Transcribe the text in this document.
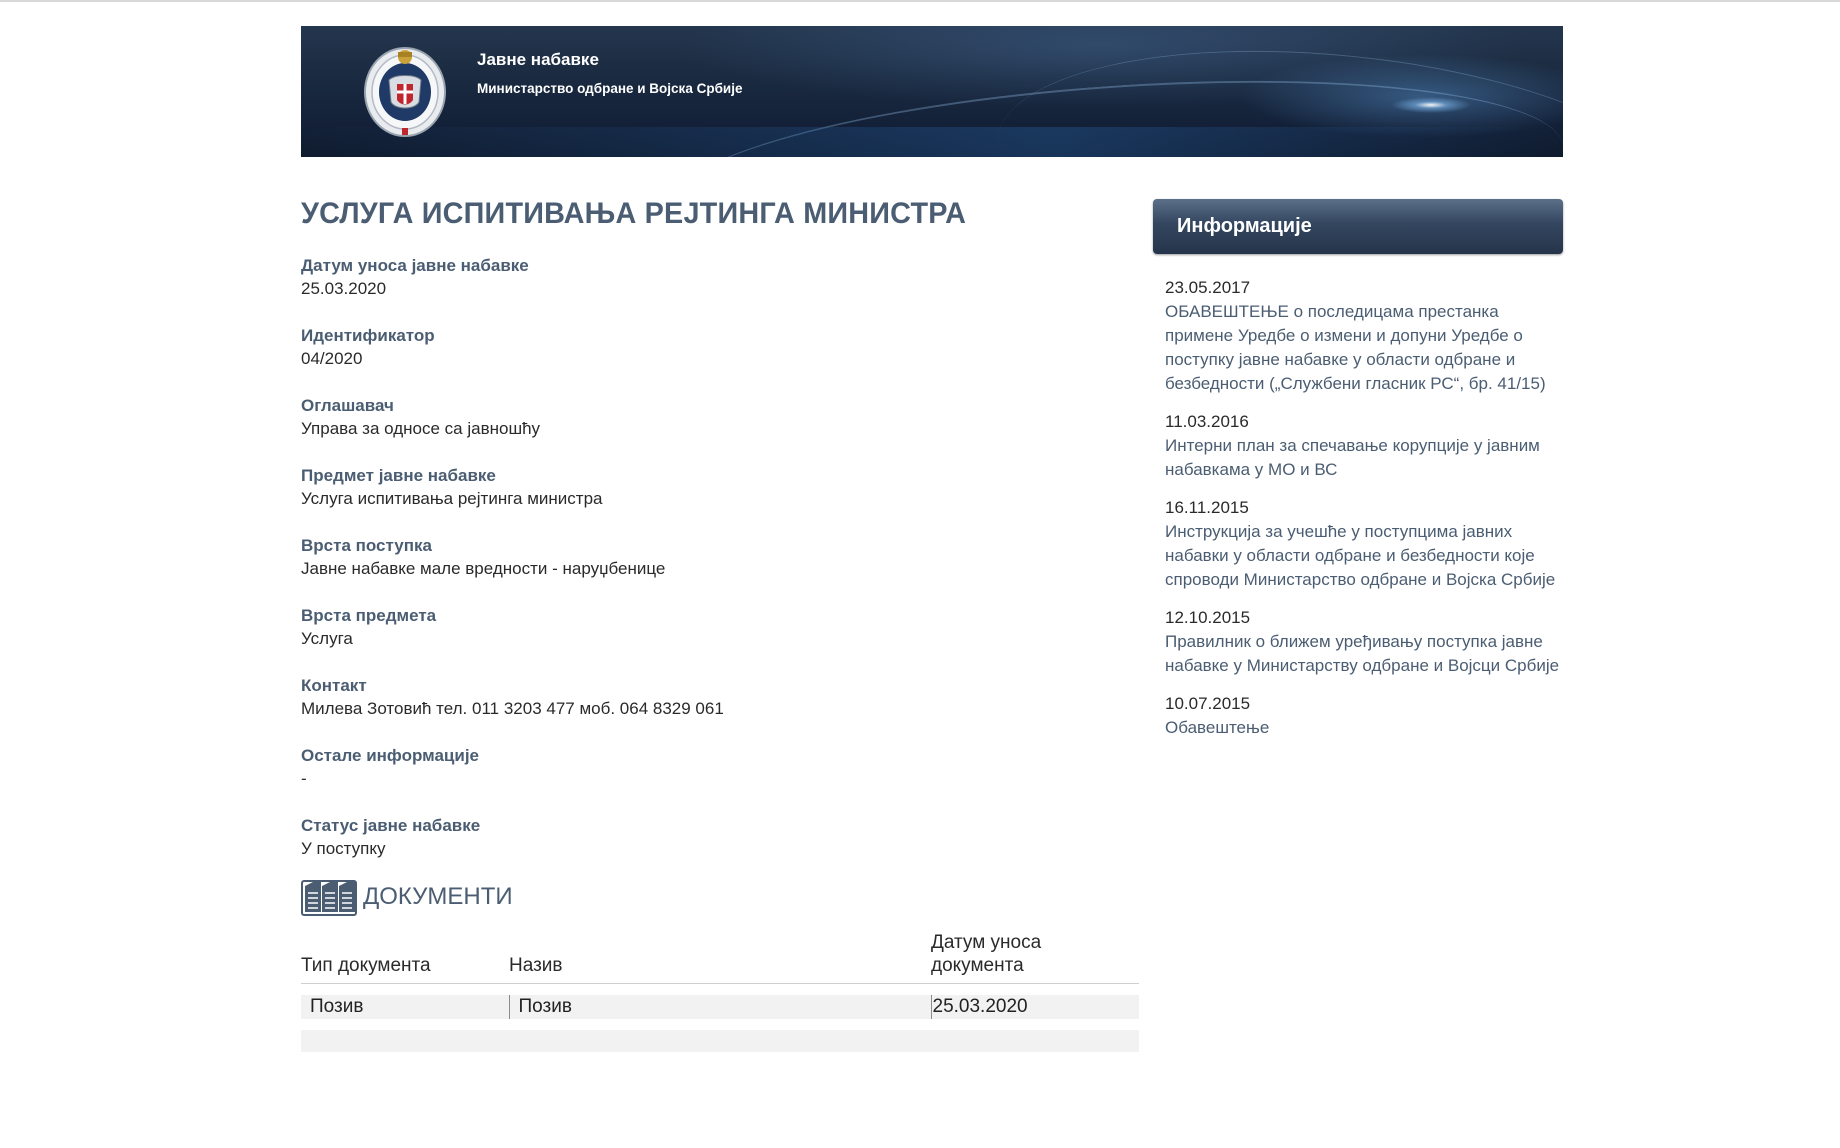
Јавне набавке
Министарство одбране и Војска Србије
УСЛУГА ИСПИТИВАЊА РЕЈТИНГА МИНИСТРА
Датум уноса јавне набавке
25.03.2020
Идентификатор
04/2020
Оглашавач
Управа за односе са јавношћу
Предмет јавне набавке
Услуга испитивања рејтинга министра
Врста поступка
Јавне набавке мале вредности - наруџбенице
Врста предмета
Услуга
Контакт
Милева Зотовић тел. 011 3203 477 моб. 064 8329 061
Остале информације
-
Статус јавне набавке
У поступку
ДОКУМЕНТИ
Тип документа	Назив	Датум уноса документа

Позив	Позив	25.03.2020

Информације
23.05.2017
ОБАВЕШТЕЊЕ о последицама престанка примене Уредбе о измени и допуни Уредбе о поступку јавне набавке у области одбране и безбедности („Службени гласник РС“, бр. 41/15)
11.03.2016
Интерни план за спечавање корупције у јавним набавкама у МО и ВС
16.11.2015
Инструкција за учешће у поступцима јавних набавки у области одбране и безбедности које спроводи Министарство одбране и Војска Србије
12.10.2015
Правилник о ближем уређивању поступка јавне набавке у Министарству одбране и Војсци Србије
10.07.2015
Обавештење
